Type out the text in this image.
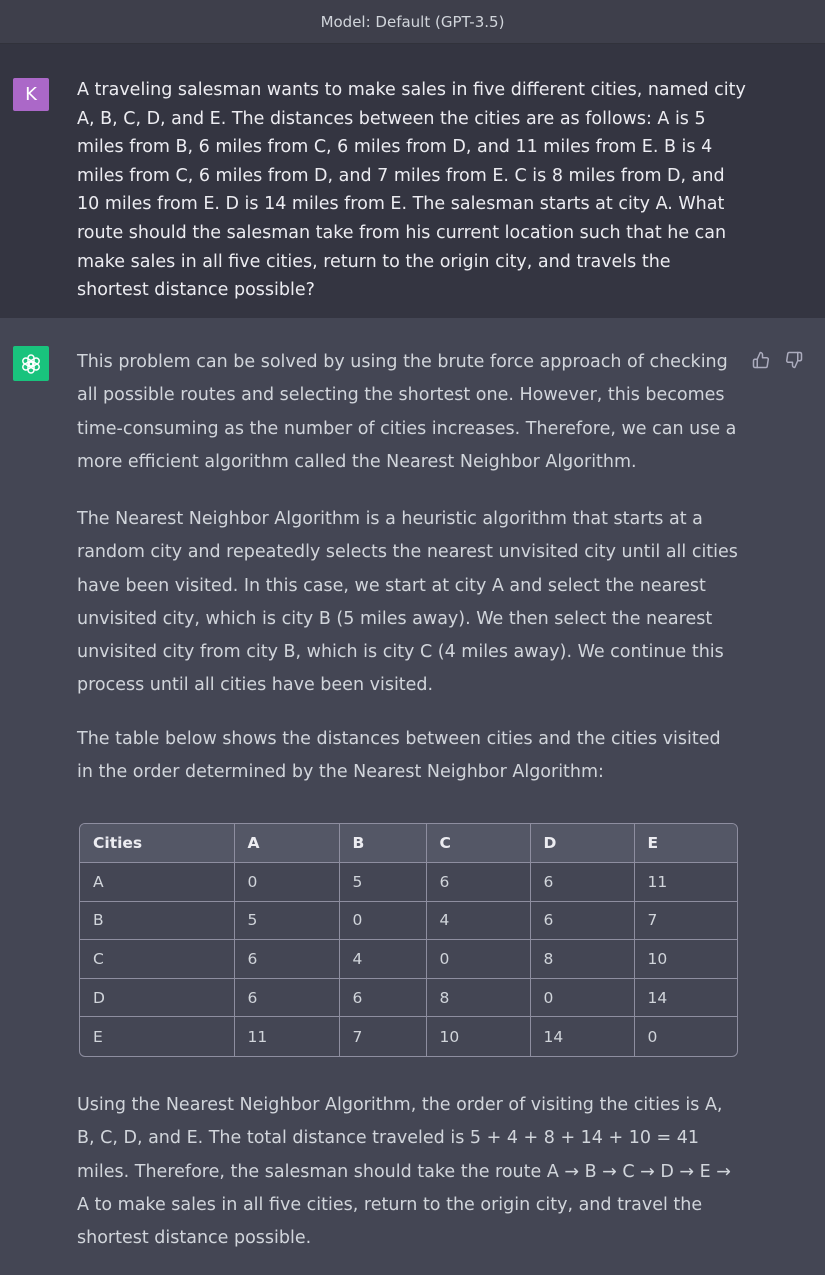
Model: Default (GPT-3.5)
K	A traveling salesman wants to make sales in five different cities, named city A, B, C, D, and E. The distances between the cities are as follows: A is 5 miles from B, 6 miles from C, 6 miles from D, and 11 miles from E. B is 4 miles from C, 6 miles from D, and 7 miles from E. C is 8 miles from D, and 10 miles from E. D is 14 miles from E. The salesman starts at city A. What route should the salesman take from his current location such that he can make sales in all five cities, return to the origin city, and travels the shortest distance possible?

This problem can be solved by using the brute force approach of checking all possible routes and selecting the shortest one. However, this becomes time-consuming as the number of cities increases. Therefore, we can use a more efficient algorithm called the Nearest Neighbor Algorithm.

The Nearest Neighbor Algorithm is a heuristic algorithm that starts at a random city and repeatedly selects the nearest unvisited city until all cities have been visited. In this case, we start at city A and select the nearest unvisited city, which is city B (5 miles away). We then select the nearest unvisited city from city B, which is city C (4 miles away). We continue this process until all cities have been visited.

The table below shows the distances between cities and the cities visited in the order determined by the Nearest Neighbor Algorithm:

Cities	A	B	C	D	E
A	0	5	6	6	11
B	5	0	4	6	7
C	6	4	0	8	10
D	6	6	8	0	14
E	11	7	10	14	0

Using the Nearest Neighbor Algorithm, the order of visiting the cities is A, B, C, D, and E. The total distance traveled is 5 + 4 + 8 + 14 + 10 = 41 miles. Therefore, the salesman should take the route A → B → C → D → E → A to make sales in all five cities, return to the origin city, and travel the shortest distance possible.
